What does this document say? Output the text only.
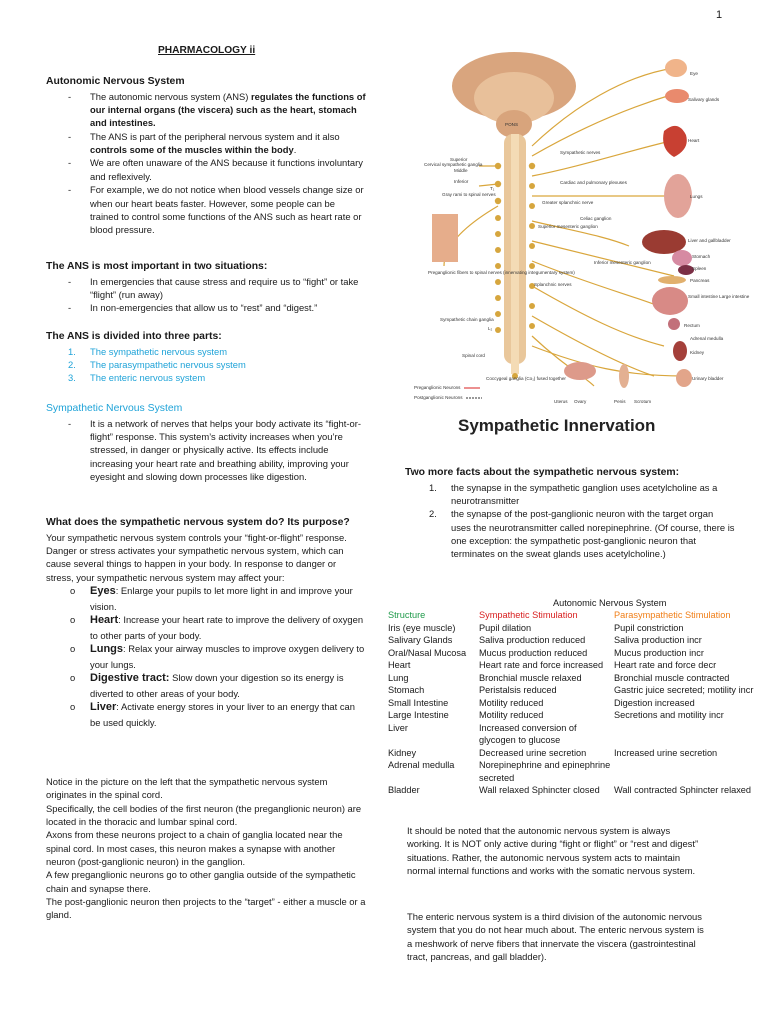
1
PHARMACOLOGY ii
Autonomic Nervous System
- The autonomic nervous system (ANS) regulates the functions of our internal organs (the viscera) such as the heart, stomach and intestines.
- The ANS is part of the peripheral nervous system and it also controls some of the muscles within the body.
- We are often unaware of the ANS because it functions involuntary and reflexively.
- For example, we do not notice when blood vessels change size or when our heart beats faster. However, some people can be trained to control some functions of the ANS such as heart rate or blood pressure.
The ANS is most important in two situations:
- In emergencies that cause stress and require us to “fight” or take “flight” (run away)
- In non-emergencies that allow us to “rest” and “digest.”
The ANS is divided into three parts:
1. The sympathetic nervous system
2. The parasympathetic nervous system
3. The enteric nervous system
Sympathetic Nervous System
- It is a network of nerves that helps your body activate its “fight-or-flight” response. This system’s activity increases when you’re stressed, in danger or physically active. Its effects include increasing your heart rate and breathing ability, improving your eyesight and slowing down processes like digestion.
What does the sympathetic nervous system do? Its purpose?

Your sympathetic nervous system controls your “fight-or-flight” response. Danger or stress activates your sympathetic nervous system, which can cause several things to happen in your body. In response to danger or stress, your sympathetic nervous system may affect your:

o Eyes: Enlarge your pupils to let more light in and improve your vision.
o Heart: Increase your heart rate to improve the delivery of oxygen to other parts of your body.
o Lungs: Relax your airway muscles to improve oxygen delivery to your lungs.
o Digestive tract: Slow down your digestion so its energy is diverted to other areas of your body.
o Liver: Activate energy stores in your liver to an energy that can be used quickly.

Notice in the picture on the left that the sympathetic nervous system originates in the spinal cord.

Specifically, the cell bodies of the first neuron (the preganglionic neuron) are located in the thoracic and lumbar spinal cord.

Axons from these neurons project to a chain of ganglia located near the spinal cord. In most cases, this neuron makes a synapse with another neuron (post-ganglionic neuron) in the ganglion.

A few preganglionic neurons go to other ganglia outside of the sympathetic chain and synapse there.

The post-ganglionic neuron then projects to the “target” - either a muscle or a gland.

PONS
Eye
Salivary glands
Heart
Lungs
Liver and gallbladder
Stomach
Spleen
Pancreas
Small intestine Large intestine
Rectum
Adrenal medulla
Kidney
Urinary bladder
Cervical sympathetic ganglia
Superior
Middle
Inferior
Gray rami to spinal nerves
T₁
L₂
Sympathetic nerves
Cardiac and pulmonary plexuses
Greater splanchnic nerve
Celiac ganglion
Superior mesenteric ganglion
Inferior mesenteric ganglion
Splanchnic nerves
Preganglionic fibers to spinal nerves (innervating integumentary system)
Sympathetic chain ganglia
Spinal cord
Coccygeal ganglia (Co₁) fused together
Uterus Ovary	Penis Scrotum
Preganglionic Neurons
Postganglionic Neurons
Sympathetic Innervation
Two more facts about the sympathetic nervous system:
1. the synapse in the sympathetic ganglion uses acetylcholine as a neurotransmitter
2. the synapse of the post-ganglionic neuron with the target organ uses the neurotransmitter called norepinephrine. (Of course, there is one exception: the sympathetic post-ganglionic neuron that terminates on the sweat glands uses acetylcholine.)
Autonomic Nervous System
Structure	Sympathetic Stimulation	Parasympathetic Stimulation
Iris (eye muscle)	Pupil dilation	Pupil constriction
Salivary Glands	Saliva production reduced	Saliva production incr
Oral/Nasal Mucosa	Mucus production reduced	Mucus production incr
Heart	Heart rate and force increased	Heart rate and force decr
Lung	Bronchial muscle relaxed	Bronchial muscle contracted
Stomach	Peristalsis reduced	Gastric juice secreted; motility incr
Small Intestine	Motility reduced	Digestion increased
Large Intestine	Motility reduced	Secretions and motility incr
Liver	Increased conversion of glycogen to glucose	
Kidney	Decreased urine secretion	Increased urine secretion
Adrenal medulla	Norepinephrine and epinephrine secreted	
Bladder	Wall relaxed Sphincter closed	Wall contracted Sphincter relaxed
It should be noted that the autonomic nervous system is always working. It is NOT only active during “fight or flight” or “rest and digest” situations. Rather, the autonomic nervous system acts to maintain normal internal functions and works with the somatic nervous system.
The enteric nervous system is a third division of the autonomic nervous system that you do not hear much about. The enteric nervous system is a meshwork of nerve fibers that innervate the viscera (gastrointestinal tract, pancreas, and gall bladder).
